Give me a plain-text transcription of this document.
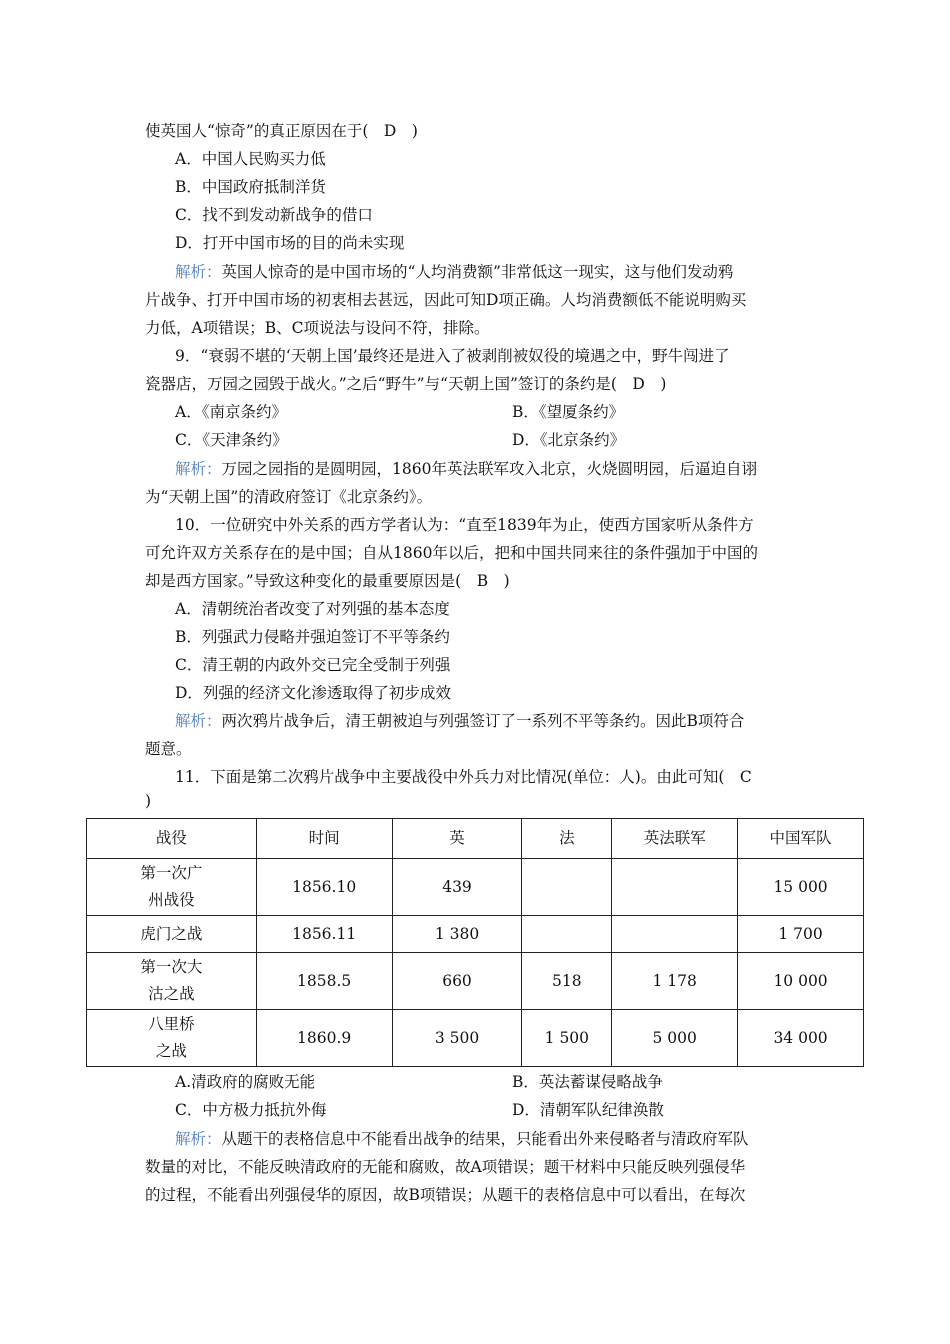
使英国人“惊奇”的真正原因在于(　D　)
A．中国人民购买力低
B．中国政府抵制洋货
C．找不到发动新战争的借口
D．打开中国市场的目的尚未实现
解析：英国人惊奇的是中国市场的“人均消费额”非常低这一现实，这与他们发动鸦
片战争、打开中国市场的初衷相去甚远，因此可知D项正确。人均消费额低不能说明购买
力低，A项错误；B、C项说法与设问不符，排除。
9．“衰弱不堪的‘天朝上国’最终还是进入了被剥削被奴役的境遇之中，野牛闯进了
瓷器店，万园之园毁于战火。”之后“野牛”与“天朝上国”签订的条约是(　D　)
A．《南京条约》	B．《望厦条约》
C．《天津条约》	D．《北京条约》
解析：万园之园指的是圆明园，1860年英法联军攻入北京，火烧圆明园，后逼迫自诩
为“天朝上国”的清政府签订《北京条约》。
10．一位研究中外关系的西方学者认为：“直至1839年为止，使西方国家听从条件方
可允许双方关系存在的是中国；自从1860年以后，把和中国共同来往的条件强加于中国的
却是西方国家。”导致这种变化的最重要原因是(　B　)
A．清朝统治者改变了对列强的基本态度
B．列强武力侵略并强迫签订不平等条约
C．清王朝的内政外交已完全受制于列强
D．列强的经济文化渗透取得了初步成效
解析：两次鸦片战争后，清王朝被迫与列强签订了一系列不平等条约。因此B项符合
题意。
11．下面是第二次鸦片战争中主要战役中外兵力对比情况(单位：人)。由此可知(　C
)
战役	时间	英	法	英法联军	中国军队
第一次广
州战役	1856.10	439			15 000
虎门之战	1856.11	1 380			1 700
第一次大
沽之战	1858.5	660	518	1 178	10 000
八里桥
之战	1860.9	3 500	1 500	5 000	34 000
A.清政府的腐败无能	B．英法蓄谋侵略战争
C．中方极力抵抗外侮	D．清朝军队纪律涣散
解析：从题干的表格信息中不能看出战争的结果，只能看出外来侵略者与清政府军队
数量的对比，不能反映清政府的无能和腐败，故A项错误；题干材料中只能反映列强侵华
的过程，不能看出列强侵华的原因，故B项错误；从题干的表格信息中可以看出，在每次
